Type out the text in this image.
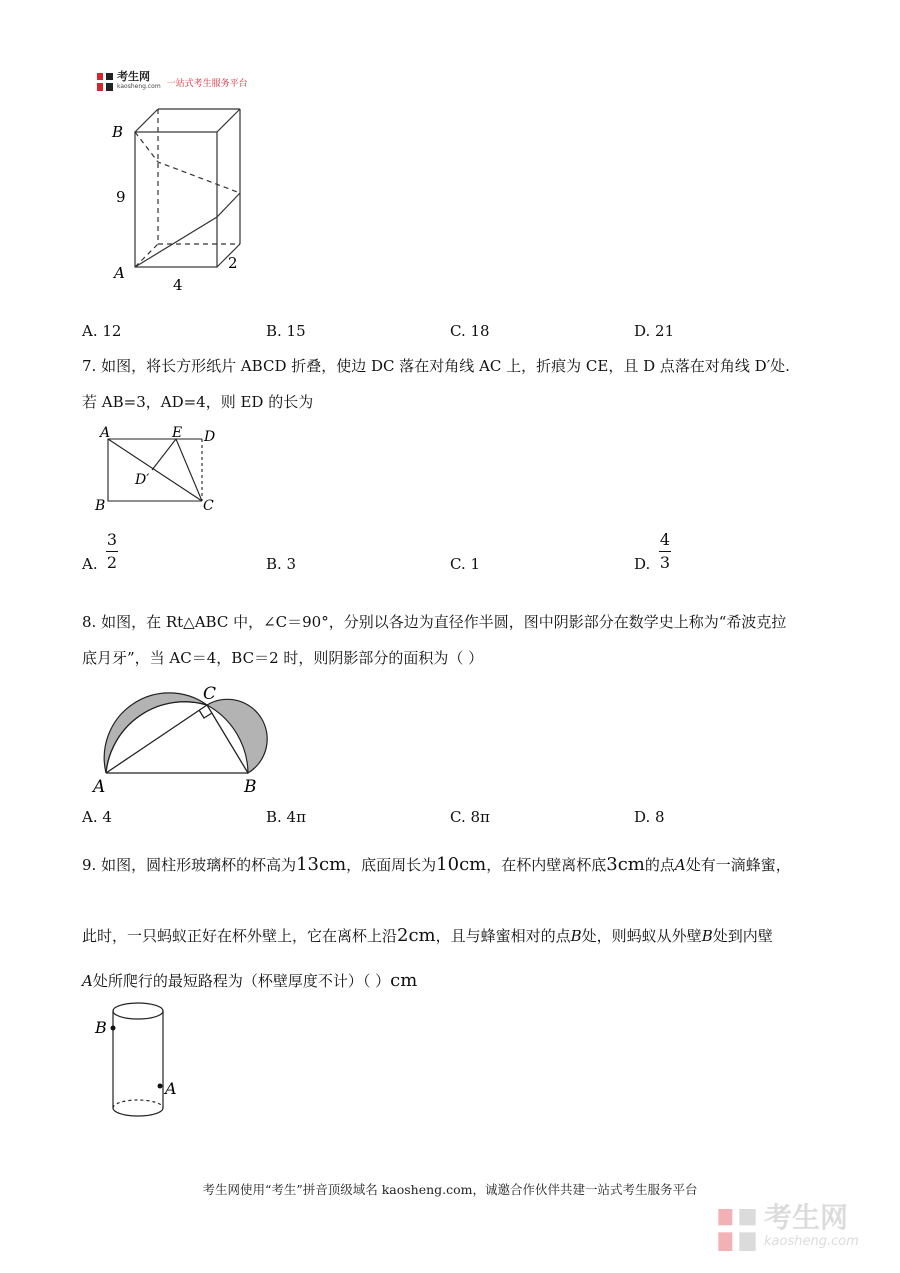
考生网
kaosheng.com 一站式考生服务平台
B
9
A
4
2
A. 12	B. 15	C. 18	D. 21
7. 如图，将长方形纸片 ABCD 折叠，使边 DC 落在对角线 AC 上，折痕为 CE，且 D 点落在对角线 D′处.
若 AB=3，AD=4，则 ED 的长为
A	E D
D′
B	C
A.
3
2	B. 3	C. 1	D.
4
3
8. 如图，在 Rt△ABC 中，∠C＝90°，分别以各边为直径作半圆，图中阴影部分在数学史上称为“希波克拉
底月牙”，当 AC＝4，BC＝2 时，则阴影部分的面积为（ ）
A	B
C
A. 4	B. 4π	C. 8π	D. 8
9. 如图，圆柱形玻璃杯的杯高为13cm，底面周长为10cm，在杯内壁离杯底3cm的点A处有一滴蜂蜜，
此时，一只蚂蚁正好在杯外壁上，它在离杯上沿2cm，且与蜂蜜相对的点B处，则蚂蚁从外壁B处到内壁
A处所爬行的最短路程为（杯壁厚度不计）（ ）cm
B
A
考生网使用“考生”拼音顶级域名 kaosheng.com，诚邀合作伙伴共建一站式考生服务平台
考生网
kaosheng.com
